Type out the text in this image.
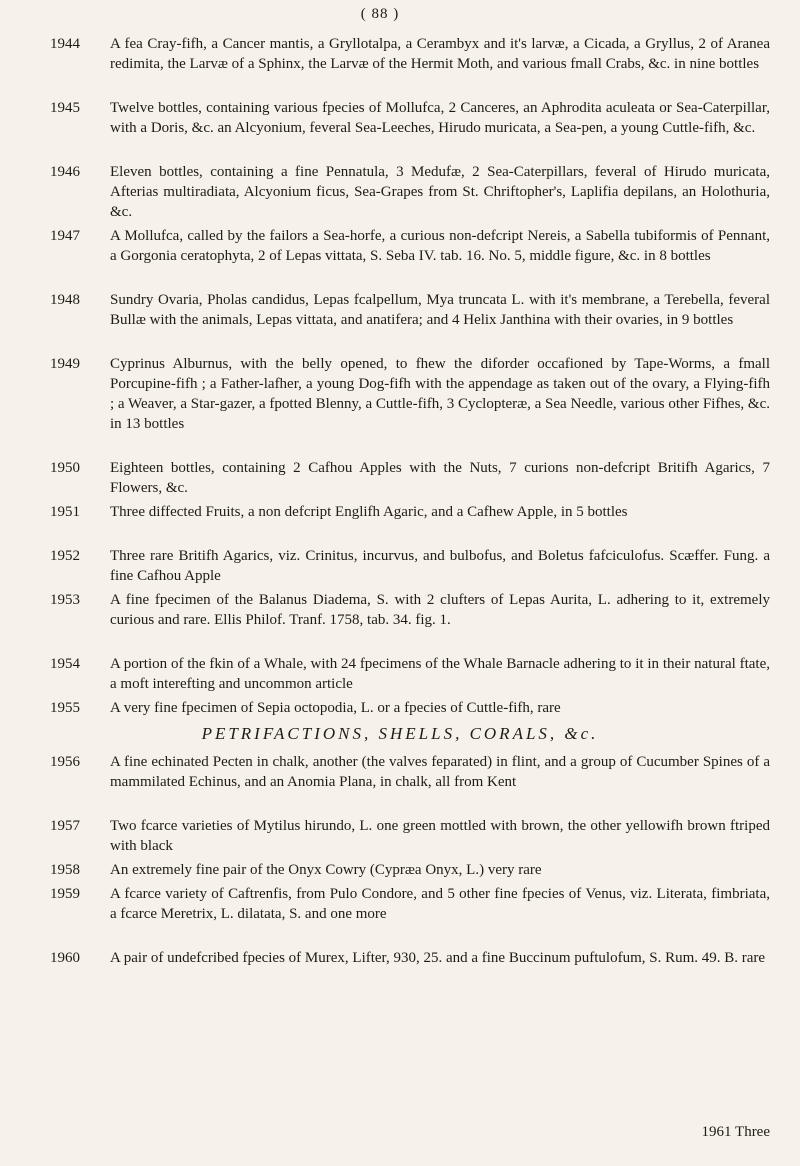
( 88 )
1944	A fea Cray-fifh, a Cancer mantis, a Gryllotalpa, a Cerambyx and it's larvæ, a Cicada, a Gryllus, 2 of Aranea redimita, the Larvæ of a Sphinx, the Larvæ of the Hermit Moth, and various fmall Crabs, &c. in nine bottles
1945	Twelve bottles, containing various fpecies of Mollufca, 2 Canceres, an Aphrodita aculeata or Sea-Caterpillar, with a Doris, &c. an Alcyonium, feveral Sea-Leeches, Hirudo muricata, a Sea-pen, a young Cuttle-fifh, &c.
1946	Eleven bottles, containing a fine Pennatula, 3 Medufæ, 2 Sea-Caterpillars, feveral of Hirudo muricata, Afterias multiradiata, Alcyonium ficus, Sea-Grapes from St. Chriftopher's, Laplifia depilans, an Holothuria, &c.
1947	A Mollufca, called by the failors a Sea-horfe, a curious non-defcript Nereis, a Sabella tubiformis of Pennant, a Gorgonia ceratophyta, 2 of Lepas vittata, S. Seba IV. tab. 16. No. 5, middle figure, &c. in 8 bottles
1948	Sundry Ovaria, Pholas candidus, Lepas fcalpellum, Mya truncata L. with it's membrane, a Terebella, feveral Bullæ with the animals, Lepas vittata, and anatifera; and 4 Helix Janthina with their ovaries, in 9 bottles
1949	Cyprinus Alburnus, with the belly opened, to fhew the diforder occafioned by Tape-Worms, a fmall Porcupine-fifh ; a Father-lafher, a young Dog-fifh with the appendage as taken out of the ovary, a Flying-fifh ; a Weaver, a Star-gazer, a fpotted Blenny, a Cuttle-fifh, 3 Cyclopteræ, a Sea Needle, various other Fifhes, &c. in 13 bottles
1950	Eighteen bottles, containing 2 Cafhou Apples with the Nuts, 7 curions non-defcript Britifh Agarics, 7 Flowers, &c.
1951	Three diffected Fruits, a non defcript Englifh Agaric, and a Cafhew Apple, in 5 bottles
1952	Three rare Britifh Agarics, viz. Crinitus, incurvus, and bulbofus, and Boletus fafciculofus. Scæffer. Fung. a fine Cafhou Apple
1953	A fine fpecimen of the Balanus Diadema, S. with 2 clufters of Lepas Aurita, L. adhering to it, extremely curious and rare. Ellis Philof. Tranf. 1758, tab. 34. fig. 1.
1954	A portion of the fkin of a Whale, with 24 fpecimens of the Whale Barnacle adhering to it in their natural ftate, a moft interefting and uncommon article
1955	A very fine fpecimen of Sepia octopodia, L. or a fpecies of Cuttle-fifh, rare
PETRIFACTIONS, SHELLS, CORALS, &c.
1956	A fine echinated Pecten in chalk, another (the valves feparated) in flint, and a group of Cucumber Spines of a mammilated Echinus, and an Anomia Plana, in chalk, all from Kent
1957	Two fcarce varieties of Mytilus hirundo, L. one green mottled with brown, the other yellowifh brown ftriped with black
1958	An extremely fine pair of the Onyx Cowry (Cypræa Onyx, L.) very rare
1959	A fcarce variety of Caftrenfis, from Pulo Condore, and 5 other fine fpecies of Venus, viz. Literata, fimbriata, a fcarce Meretrix, L. dilatata, S. and one more
1960	A pair of undefcribed fpecies of Murex, Lifter, 930, 25. and a fine Buccinum puftulofum, S. Rum. 49. B. rare
1961 Three
